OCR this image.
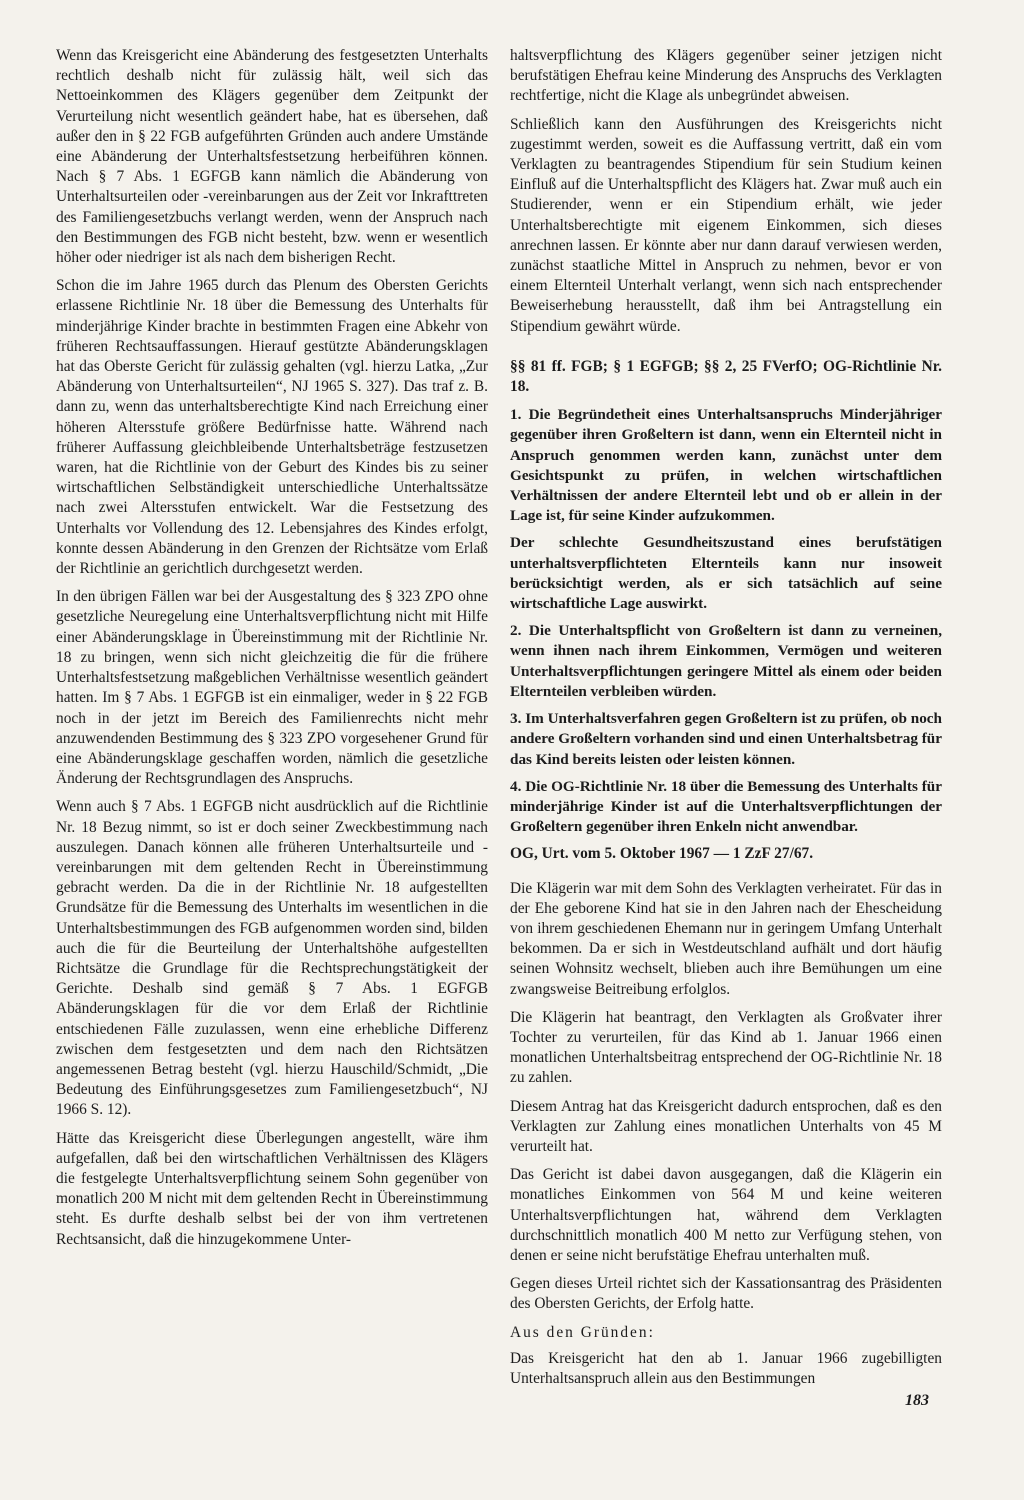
Wenn das Kreisgericht eine Abänderung des festgesetzten Unterhalts rechtlich deshalb nicht für zulässig hält, weil sich das Nettoeinkommen des Klägers gegenüber dem Zeitpunkt der Verurteilung nicht wesentlich geändert habe, hat es übersehen, daß außer den in § 22 FGB aufgeführten Gründen auch andere Umstände eine Abänderung der Unterhaltsfestsetzung herbeiführen können. Nach § 7 Abs. 1 EGFGB kann nämlich die Abänderung von Unterhaltsurteilen oder -vereinbarungen aus der Zeit vor Inkrafttreten des Familiengesetzbuchs verlangt werden, wenn der Anspruch nach den Bestimmungen des FGB nicht besteht, bzw. wenn er wesentlich höher oder niedriger ist als nach dem bisherigen Recht.

Schon die im Jahre 1965 durch das Plenum des Obersten Gerichts erlassene Richtlinie Nr. 18 über die Bemessung des Unterhalts für minderjährige Kinder brachte in bestimmten Fragen eine Abkehr von früheren Rechtsauffassungen. Hierauf gestützte Abänderungsklagen hat das Oberste Gericht für zulässig gehalten (vgl. hierzu Latka, „Zur Abänderung von Unterhaltsurteilen“, NJ 1965 S. 327). Das traf z. B. dann zu, wenn das unterhaltsberechtigte Kind nach Erreichung einer höheren Altersstufe größere Bedürfnisse hatte. Während nach früherer Auffassung gleichbleibende Unterhaltsbeträge festzusetzen waren, hat die Richtlinie von der Geburt des Kindes bis zu seiner wirtschaftlichen Selbständigkeit unterschiedliche Unterhaltssätze nach zwei Altersstufen entwickelt. War die Festsetzung des Unterhalts vor Vollendung des 12. Lebensjahres des Kindes erfolgt, konnte dessen Abänderung in den Grenzen der Richtsätze vom Erlaß der Richtlinie an gerichtlich durchgesetzt werden.

In den übrigen Fällen war bei der Ausgestaltung des § 323 ZPO ohne gesetzliche Neuregelung eine Unterhaltsverpflichtung nicht mit Hilfe einer Abänderungsklage in Übereinstimmung mit der Richtlinie Nr. 18 zu bringen, wenn sich nicht gleichzeitig die für die frühere Unterhaltsfestsetzung maßgeblichen Verhältnisse wesentlich geändert hatten. Im § 7 Abs. 1 EGFGB ist ein einmaliger, weder in § 22 FGB noch in der jetzt im Bereich des Familienrechts nicht mehr anzuwendenden Bestimmung des § 323 ZPO vorgesehener Grund für eine Abänderungsklage geschaffen worden, nämlich die gesetzliche Änderung der Rechtsgrundlagen des Anspruchs.

Wenn auch § 7 Abs. 1 EGFGB nicht ausdrücklich auf die Richtlinie Nr. 18 Bezug nimmt, so ist er doch seiner Zweckbestimmung nach auszulegen. Danach können alle früheren Unterhaltsurteile und -vereinbarungen mit dem geltenden Recht in Übereinstimmung gebracht werden. Da die in der Richtlinie Nr. 18 aufgestellten Grundsätze für die Bemessung des Unterhalts im wesentlichen in die Unterhaltsbestimmungen des FGB aufgenommen worden sind, bilden auch die für die Beurteilung der Unterhaltshöhe aufgestellten Richtsätze die Grundlage für die Rechtsprechungstätigkeit der Gerichte. Deshalb sind gemäß § 7 Abs. 1 EGFGB Abänderungsklagen für die vor dem Erlaß der Richtlinie entschiedenen Fälle zuzulassen, wenn eine erhebliche Differenz zwischen dem festgesetzten und dem nach den Richtsätzen angemessenen Betrag besteht (vgl. hierzu Hauschild/Schmidt, „Die Bedeutung des Einführungsgesetzes zum Familiengesetzbuch“, NJ 1966 S. 12).

Hätte das Kreisgericht diese Überlegungen angestellt, wäre ihm aufgefallen, daß bei den wirtschaftlichen Verhältnissen des Klägers die festgelegte Unterhaltsverpflichtung seinem Sohn gegenüber von monatlich 200 M nicht mit dem geltenden Recht in Übereinstimmung steht. Es durfte deshalb selbst bei der von ihm vertretenen Rechtsansicht, daß die hinzugekommene Unter-

haltsverpflichtung des Klägers gegenüber seiner jetzigen nicht berufstätigen Ehefrau keine Minderung des Anspruchs des Verklagten rechtfertige, nicht die Klage als unbegründet abweisen.

Schließlich kann den Ausführungen des Kreisgerichts nicht zugestimmt werden, soweit es die Auffassung vertritt, daß ein vom Verklagten zu beantragendes Stipendium für sein Studium keinen Einfluß auf die Unterhaltspflicht des Klägers hat. Zwar muß auch ein Studierender, wenn er ein Stipendium erhält, wie jeder Unterhaltsberechtigte mit eigenem Einkommen, sich dieses anrechnen lassen. Er könnte aber nur dann darauf verwiesen werden, zunächst staatliche Mittel in Anspruch zu nehmen, bevor er von einem Elternteil Unterhalt verlangt, wenn sich nach entsprechender Beweiserhebung herausstellt, daß ihm bei Antragstellung ein Stipendium gewährt würde.

§§ 81 ff. FGB; § 1 EGFGB; §§ 2, 25 FVerfO; OG-Richtlinie Nr. 18.

1. Die Begründetheit eines Unterhaltsanspruchs Minderjähriger gegenüber ihren Großeltern ist dann, wenn ein Elternteil nicht in Anspruch genommen werden kann, zunächst unter dem Gesichtspunkt zu prüfen, in welchen wirtschaftlichen Verhältnissen der andere Elternteil lebt und ob er allein in der Lage ist, für seine Kinder aufzukommen.

Der schlechte Gesundheitszustand eines berufstätigen unterhaltsverpflichteten Elternteils kann nur insoweit berücksichtigt werden, als er sich tatsächlich auf seine wirtschaftliche Lage auswirkt.

2. Die Unterhaltspflicht von Großeltern ist dann zu verneinen, wenn ihnen nach ihrem Einkommen, Vermögen und weiteren Unterhaltsverpflichtungen geringere Mittel als einem oder beiden Elternteilen verbleiben würden.

3. Im Unterhaltsverfahren gegen Großeltern ist zu prüfen, ob noch andere Großeltern vorhanden sind und einen Unterhaltsbetrag für das Kind bereits leisten oder leisten können.

4. Die OG-Richtlinie Nr. 18 über die Bemessung des Unterhalts für minderjährige Kinder ist auf die Unterhaltsverpflichtungen der Großeltern gegenüber ihren Enkeln nicht anwendbar.

OG, Urt. vom 5. Oktober 1967 — 1 ZzF 27/67.

Die Klägerin war mit dem Sohn des Verklagten verheiratet. Für das in der Ehe geborene Kind hat sie in den Jahren nach der Ehescheidung von ihrem geschiedenen Ehemann nur in geringem Umfang Unterhalt bekommen. Da er sich in Westdeutschland aufhält und dort häufig seinen Wohnsitz wechselt, blieben auch ihre Bemühungen um eine zwangsweise Beitreibung erfolglos.

Die Klägerin hat beantragt, den Verklagten als Großvater ihrer Tochter zu verurteilen, für das Kind ab 1. Januar 1966 einen monatlichen Unterhaltsbeitrag entsprechend der OG-Richtlinie Nr. 18 zu zahlen.

Diesem Antrag hat das Kreisgericht dadurch entsprochen, daß es den Verklagten zur Zahlung eines monatlichen Unterhalts von 45 M verurteilt hat.

Das Gericht ist dabei davon ausgegangen, daß die Klägerin ein monatliches Einkommen von 564 M und keine weiteren Unterhaltsverpflichtungen hat, während dem Verklagten durchschnittlich monatlich 400 M netto zur Verfügung stehen, von denen er seine nicht berufstätige Ehefrau unterhalten muß.

Gegen dieses Urteil richtet sich der Kassationsantrag des Präsidenten des Obersten Gerichts, der Erfolg hatte.

Aus den Gründen:

Das Kreisgericht hat den ab 1. Januar 1966 zugebilligten Unterhaltsanspruch allein aus den Bestimmungen

183
